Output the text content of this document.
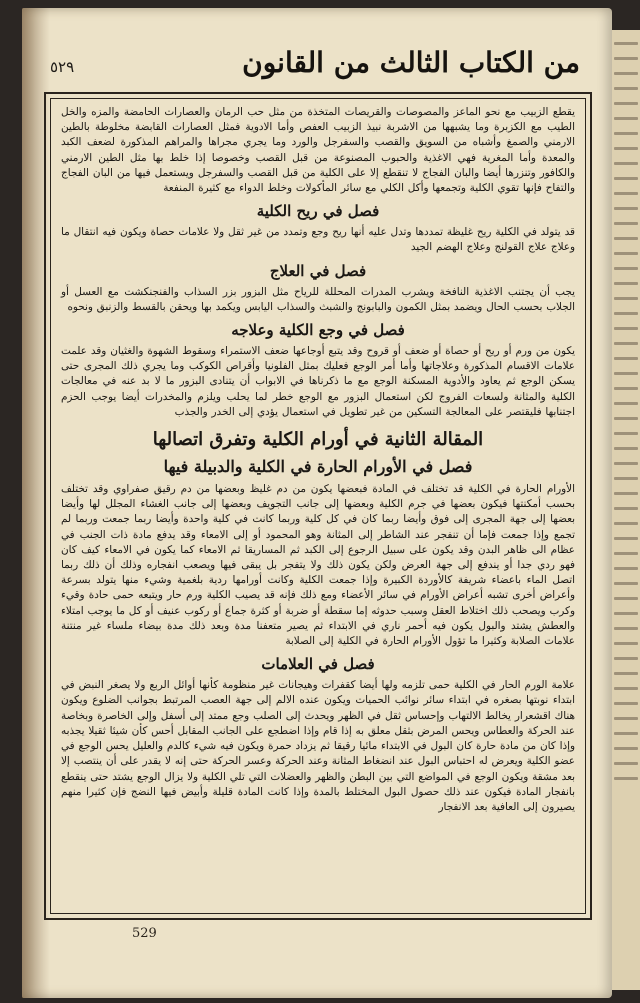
٥٢٩	من الكتاب الثالث من القانون

يقطع الزبيب مع نحو الماعز والمصوصات والقريصات المتخذة من مثل حب الرمان والعصارات الحامضة والمزه والخل الطيب مع الكزبرة وما يشبهها من الاشربة نبيذ الزبيب العفص وأما الادوية فمثل العصارات القابضة مخلوطة بالطين الارمني والصمغ وأشباه من السويق والقصب والسفرجل والورد وما يجري مجراها والمراهم المذكورة لضعف الكبد والمعدة وأما المغرية فهي الاغذية والحبوب المصنوعة من قبل القصب وخصوصا إذا خلط بها مثل الطين الارمني والكافور وتنزرها أيضا والبان الفجاج لا تنقطع إلا على الكلية من قبل القصب والسفرجل ويستعمل فيها من البان الفجاج والتفاح فإنها تقوي الكلية وتجمعها وأكل الكلي مع سائر المأكولات وخلط الدواء مع كثيرة المنفعة

فصل في ريح الكلية

قد يتولد في الكلية ريح غليظة تمددها وتدل عليه أنها ريح وجع وتمدد من غير ثقل ولا علامات حصاة ويكون فيه انتقال ما وعلاج علاج القولنج وعلاج الهضم الجيد

فصل في العلاج

يجب أن يجتنب الاغذية النافخة ويشرب المدرات المحللة للرياح مثل البزور بزر السذاب والفنجنكشت مع العسل أو الجلاب بحسب الحال ويضمد بمثل الكمون والبابونج والشبث والسذاب اليابس ويكمد بها ويحقن بالقسط والزنبق ونحوه

فصل في وجع الكلية وعلاجه

يكون من ورم أو ريح أو حصاة أو ضعف أو قروح وقد يتبع أوجاعها ضعف الاستمراء وسقوط الشهوة والغثيان وقد علمت علامات الاقسام المذكورة وعلاجاتها وأما أمر الوجع فعليك بمثل الفلونيا وأقراص الكوكب وما يجري ذلك المجرى حتى يسكن الوجع ثم يعاود والأدوية المسكنة الوجع مع ما ذكرناها في الابواب أن يتنادى البزور ما لا بد عنه في معالجات الكلية والمثانة ولسعات الفروج لكن استعمال البزور مع الوجع خطر لما يحلب ويلزم والمخدرات أيضا يوجب الحزم اجتنابها فليقتصر على المعالجة التسكين من غير تطويل في استعمال يؤدي إلى الخدر والجذب

المقالة الثانية في أورام الكلية وتفرق اتصالها
فصل في الأورام الحارة في الكلية والدبيلة فيها

الأورام الحارة في الكلية قد تختلف في المادة فبعضها يكون من دم غليظ وبعضها من دم رقيق صفراوي وقد تختلف بحسب أمكنتها فيكون بعضها في جرم الكلية وبعضها إلى جانب التجويف وبعضها إلى جانب الغشاء المجلل لها وأيضا بعضها إلى جهة المجرى إلى فوق وأيضا ربما كان في كل كلية وربما كانت في كلية واحدة وأيضا ربما جمعت وربما لم تجمع وإذا جمعت فإما أن تنفجر عند الشاطر إلى المثانة وهو المحمود أو إلى الامعاء وقد يدفع مادة ذات الجنب في عظام الى ظاهر البدن وقد يكون على سبيل الرجوع إلى الكبد ثم المساريقا ثم الامعاء كما يكون في الامعاء كيف كان فهو ردي جدا أو يندفع إلى جهة العرض ولكن يكون ذلك ولا يتفجر بل يبقى فيها ويصعب انفجاره وذلك أن ذلك ربما اتصل الماء باعضاء شريفة كالأوردة الكبيرة وإذا جمعت الكلية وكانت أورامها ردية بلغمية وشيء منها يتولد بسرعة وأعراض أخرى تشبه أعراض الأورام في سائر الأعضاء ومع ذلك فإنه قد يصيب الكلية ورم حار ويتبعه حمى حادة وقيء وكرب ويصحب ذلك اختلاط العقل وسبب حدوثه إما سقطة أو ضربة أو كثرة جماع أو ركوب عنيف أو كل ما يوجب امتلاء والعطش يشتد والبول يكون فيه أحمر ناري في الابتداء ثم يصير متعفنا مدة وبعد ذلك مدة بيضاء ملساء غير منتنة علامات الصلابة وكثيرا ما تؤول الأورام الحارة في الكلية إلى الصلابة

فصل في العلامات

علامة الورم الحار في الكلية حمى تلزمه ولها أيضا كقفرات وهيجانات غير منظومة كأنها أوائل الربع ولا يصغر النبض في ابتداء نوبتها بصغره في ابتداء سائر نوائب الحميات ويكون عنده الالم إلى جهة العصب المرتبط بجوانب الضلوع ويكون هناك اقشعرار يخالط الالتهاب وإحساس ثقل في الظهر ويحدث إلى الصلب وجع ممتد إلى أسفل وإلى الخاصرة وبخاصة عند الحركة والعطاس ويحس المرض بثقل معلق به إذا قام وإذا اضطجع على الجانب المقابل أحس كأن شيئا ثقيلا يجذبه وإذا كان من مادة حارة كان البول في الابتداء مائيا رقيقا ثم يزداد حمرة ويكون فيه شيء كالدم والعليل يحس الوجع في عضو الكلية ويعرض له احتباس البول عند انضغاط المثانة وعند الحركة وعسر الحركة حتى إنه لا يقدر على أن ينتصب إلا بعد مشقة ويكون الوجع في المواضع التي بين البطن والظهر والعضلات التي تلي الكلية ولا يزال الوجع يشتد حتى ينقطع بانفجار المادة فيكون عند ذلك حصول البول المختلط بالمدة وإذا كانت المادة قليلة وأبيض فيها النضج فإن كثيرا منهم يصيرون إلى العافية بعد الانفجار

529
